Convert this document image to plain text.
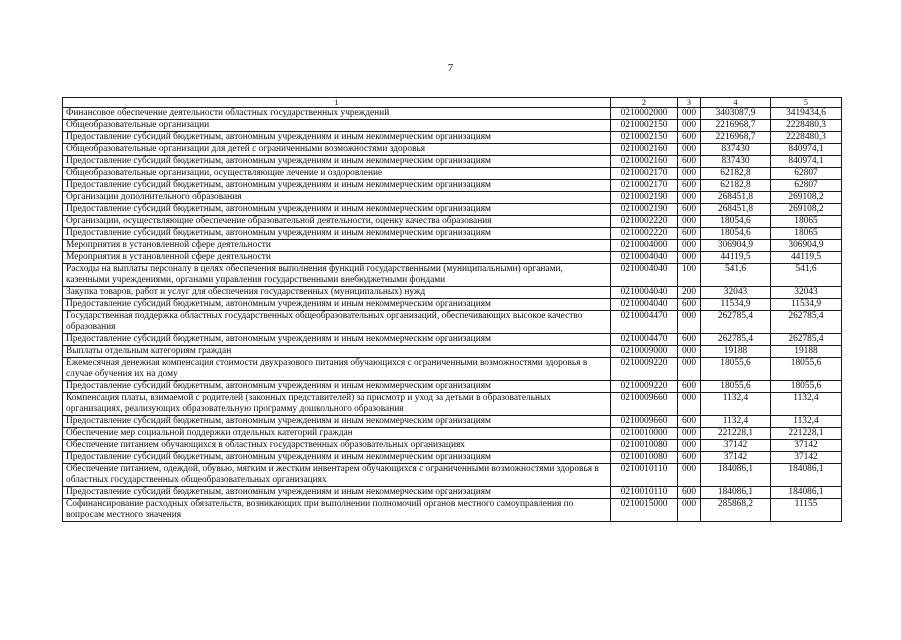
7
1	2	3	4	5
Финансовое обеспечение деятельности областных государственных учреждений	0210002000	000	3403087,9	3419434,6
Общеобразовательные организации	0210002150	000	2216968,7	2228480,3
Предоставление субсидий бюджетным, автономным учреждениям и иным некоммерческим организациям	0210002150	600	2216968,7	2228480,3
Общеобразовательные организации для детей с ограниченными возможностями здоровья	0210002160	000	837430	840974,1
Предоставление субсидий бюджетным, автономным учреждениям и иным некоммерческим организациям	0210002160	600	837430	840974,1
Общеобразовательные организации, осуществляющие лечение и оздоровление	0210002170	000	62182,8	62807
Предоставление субсидий бюджетным, автономным учреждениям и иным некоммерческим организациям	0210002170	600	62182,8	62807
Организации дополнительного образования	0210002190	000	268451,8	269108,2
Предоставление субсидий бюджетным, автономным учреждениям и иным некоммерческим организациям	0210002190	600	268451,8	269108,2
Организации, осуществляющие обеспечение образовательной деятельности, оценку качества образования	0210002220	000	18054,6	18065
Предоставление субсидий бюджетным, автономным учреждениям и иным некоммерческим организациям	0210002220	600	18054,6	18065
Мероприятия в установленной сфере деятельности	0210004000	000	306904,9	306904,9
Мероприятия в установленной сфере деятельности	0210004040	000	44119,5	44119,5
Расходы на выплаты персоналу в целях обеспечения выполнения функций государственными (муниципальными) органами, казенными учреждениями, органами управления государственными внебюджетными фондами	0210004040	100	541,6	541,6
Закупка товаров, работ и услуг для обеспечения государственных (муниципальных) нужд	0210004040	200	32043	32043
Предоставление субсидий бюджетным, автономным учреждениям и иным некоммерческим организациям	0210004040	600	11534,9	11534,9
Государственная поддержка областных государственных общеобразовательных организаций, обеспечивающих высокое качество образования	0210004470	000	262785,4	262785,4
Предоставление субсидий бюджетным, автономным учреждениям и иным некоммерческим организациям	0210004470	600	262785,4	262785,4
Выплаты отдельным категориям граждан	0210009000	000	19188	19188
Ежемесячная денежная компенсация стоимости двухразового питания обучающихся с ограниченными возможностями здоровья в случае обучения их на дому	0210009220	000	18055,6	18055,6
Предоставление субсидий бюджетным, автономным учреждениям и иным некоммерческим организациям	0210009220	600	18055,6	18055,6
Компенсация платы, взимаемой с родителей (законных представителей) за присмотр и уход за детьми в образовательных организациях, реализующих образовательную программу дошкольного образования	0210009660	000	1132,4	1132,4
Предоставление субсидий бюджетным, автономным учреждениям и иным некоммерческим организациям	0210009660	600	1132,4	1132,4
Обеспечение мер социальной поддержки отдельных категорий граждан	0210010000	000	221228,1	221228,1
Обеспечение питанием обучающихся в областных государственных образовательных организациях	0210010080	000	37142	37142
Предоставление субсидий бюджетным, автономным учреждениям и иным некоммерческим организациям	0210010080	600	37142	37142
Обеспечение питанием, одеждой, обувью, мягким и жестким инвентарем обучающихся с ограниченными возможностями здоровья в областных государственных общеобразовательных организациях	0210010110	000	184086,1	184086,1
Предоставление субсидий бюджетным, автономным учреждениям и иным некоммерческим организациям	0210010110	600	184086,1	184086,1
Софинансирование расходных обязательств, возникающих при выполнении полномочий органов местного самоуправления по вопросам местного значения	0210015000	000	285868,2	11155
